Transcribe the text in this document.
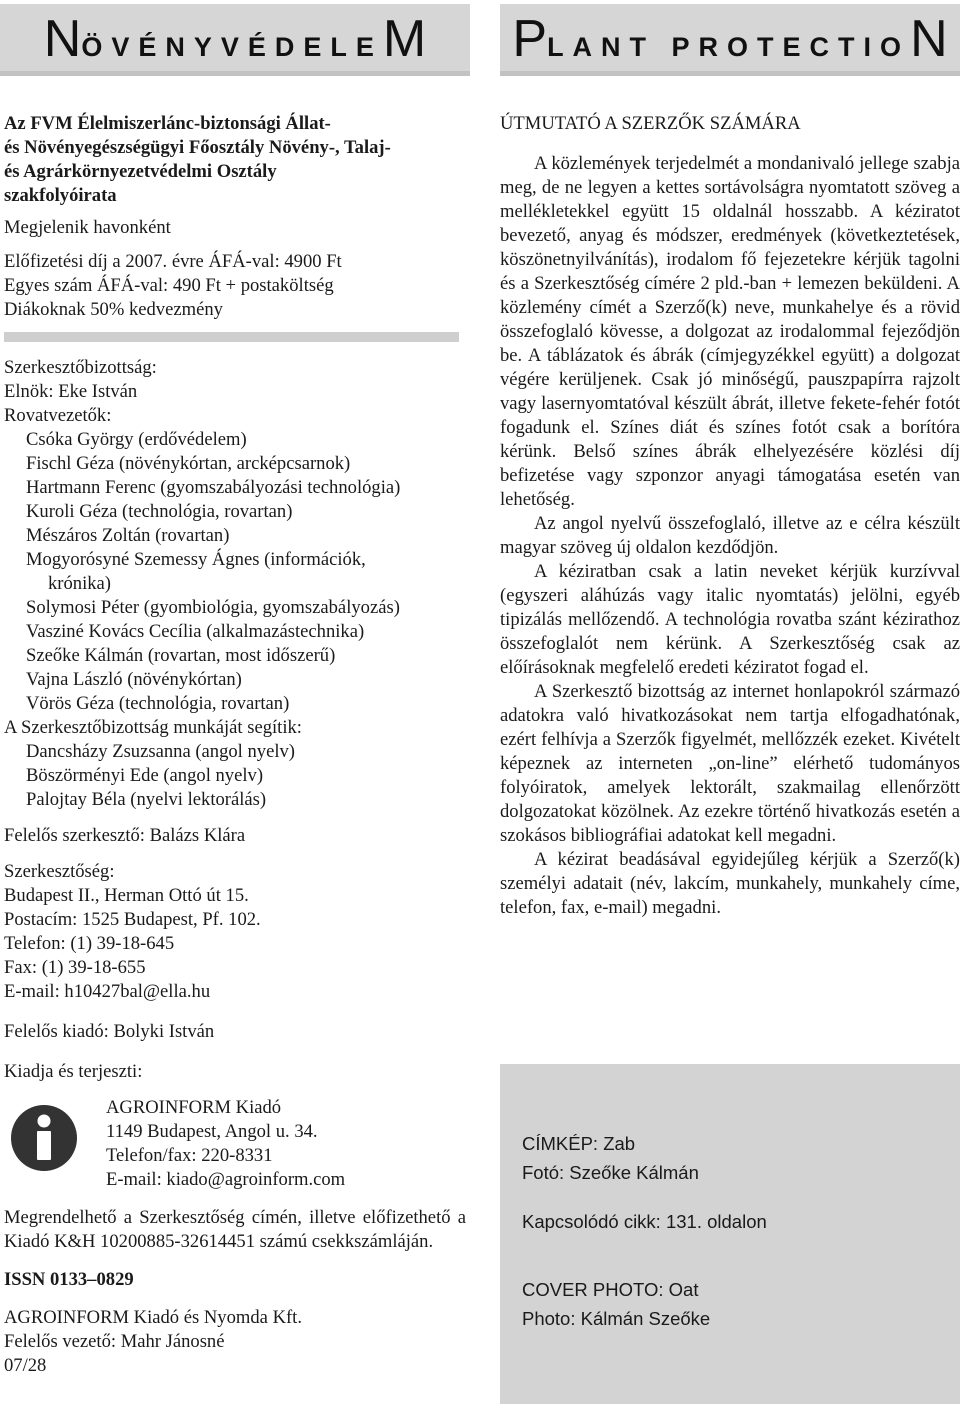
NÖVÉNYVÉDELEM	PLANT PROTECTION
Az FVM Élelmiszerlánc-biztonsági Állat-
és Növényegészségügyi Főosztály Növény-, Talaj-
és Agrárkörnyezetvédelmi Osztály
szakfolyóirata
Megjelenik havonként
Előfizetési díj a 2007. évre ÁFÁ-val: 4900 Ft
Egyes szám ÁFÁ-val: 490 Ft + postaköltség
Diákoknak 50% kedvezmény
Szerkesztőbizottság:
Elnök: Eke István
Rovatvezetők:
Csóka György (erdővédelem)
Fischl Géza (növénykórtan, arcképcsarnok)
Hartmann Ferenc (gyomszabályozási technológia)
Kuroli Géza (technológia, rovartan)
Mészáros Zoltán (rovartan)
Mogyorósyné Szemessy Ágnes (információk,
krónika)
Solymosi Péter (gyombiológia, gyomszabályozás)
Vasziné Kovács Cecília (alkalmazástechnika)
Szeőke Kálmán (rovartan, most időszerű)
Vajna László (növénykórtan)
Vörös Géza (technológia, rovartan)
A Szerkesztőbizottság munkáját segítik:
Dancsházy Zsuzsanna (angol nyelv)
Böszörményi Ede (angol nyelv)
Palojtay Béla (nyelvi lektorálás)
Felelős szerkesztő: Balázs Klára
Szerkesztőség:
Budapest II., Herman Ottó út 15.
Postacím: 1525 Budapest, Pf. 102.
Telefon: (1) 39-18-645
Fax: (1) 39-18-655
E-mail: h10427bal@ella.hu
Felelős kiadó: Bolyki István
Kiadja és terjeszti:
AGROINFORM Kiadó
1149 Budapest, Angol u. 34.
Telefon/fax: 220-8331
E-mail: kiado@agroinform.com
Megrendelhető a Szerkesztőség címén, illetve előfizethető a Kiadó K&H 10200885-32614451 számú csekkszámláján.
ISSN 0133–0829
AGROINFORM Kiadó és Nyomda Kft.
Felelős vezető: Mahr Jánosné
07/28
ÚTMUTATÓ A SZERZŐK SZÁMÁRA

A közlemények terjedelmét a mondanivaló jellege szabja meg, de ne legyen a kettes sortávolságra nyomtatott szöveg a mellékletekkel együtt 15 oldalnál hosszabb. A kéziratot bevezető, anyag és módszer, eredmények (következtetések, köszönetnyilvánítás), irodalom fő fejezetekre kérjük tagolni és a Szerkesztőség címére 2 pld.-ban + lemezen beküldeni. A közlemény címét a Szerző(k) neve, munkahelye és a rövid összefoglaló kövesse, a dolgozat az irodalommal fejeződjön be. A táblázatok és ábrák (címjegyzékkel együtt) a dolgozat végére kerüljenek. Csak jó minőségű, pauszpapírra rajzolt vagy lasernyomtatóval készült ábrát, illetve fekete-fehér fotót fogadunk el. Színes diát és színes fotót csak a borítóra kérünk. Belső színes ábrák elhelyezésére közlési díj befizetése vagy szponzor anyagi támogatása esetén van lehetőség.

Az angol nyelvű összefoglaló, illetve az e célra készült magyar szöveg új oldalon kezdődjön.

A kéziratban csak a latin neveket kérjük kurzívval (egyszeri aláhúzás vagy italic nyomtatás) jelölni, egyéb tipizálás mellőzendő. A technológia rovatba szánt kézirathoz összefoglalót nem kérünk. A Szerkesztőség csak az előírásoknak megfelelő eredeti kéziratot fogad el.

A Szerkesztő bizottság az internet honlapokról származó adatokra való hivatkozásokat nem tartja elfogadhatónak, ezért felhívja a Szerzők figyelmét, mellőzzék ezeket. Kivételt képeznek az interneten „on-line” elérhető tudományos folyóiratok, amelyek lektorált, szakmailag ellenőrzött dolgozatokat közölnek. Az ezekre történő hivatkozás esetén a szokásos bibliográfiai adatokat kell megadni.

A kézirat beadásával egyidejűleg kérjük a Szerző(k) személyi adatait (név, lakcím, munkahely, munkahely címe, telefon, fax, e-mail) megadni.

CÍMKÉP: Zab
Fotó: Szeőke Kálmán
Kapcsolódó cikk: 131. oldalon
COVER PHOTO: Oat
Photo: Kálmán Szeőke
